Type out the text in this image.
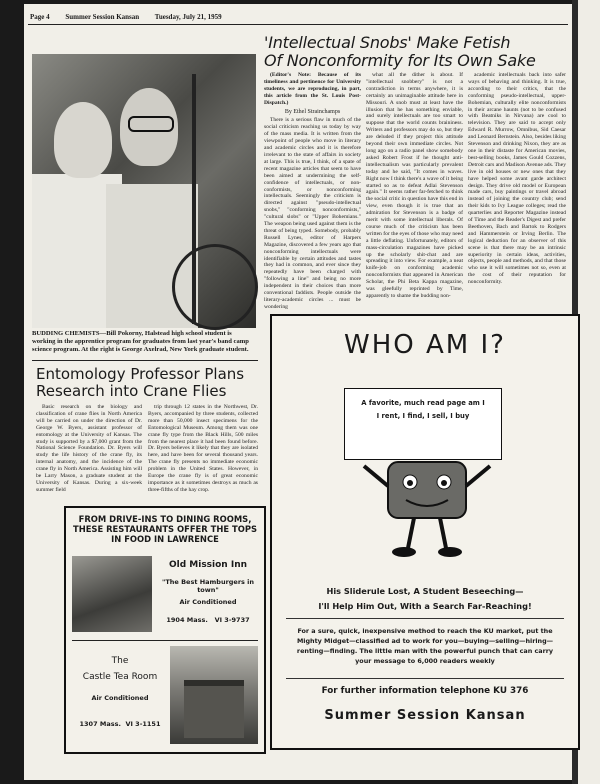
Page 4 Summer Session Kansan Tuesday, July 21, 1959
BUDDING CHEMISTS—Bill Pokorny, Halstead high school student is working in the apprentice program for graduates from last year's band camp science program. At the right is George Axelrad, New York graduate student.
'Intellectual Snobs' Make Fetish
Of Nonconformity for Its Own Sake

(Editor's Note: Because of its timeliness and pertinence for University students, we are reproducing, in part, this article from the St. Louis Post-Dispatch.)

By Ethel Strainchamps

There is a serious flaw in much of the social criticism reaching us today by way of the mass media. It is written from the viewpoint of people who move in literary and academic circles and it is therefore irrelevant to the state of affairs in society at large. This is true, I think, of a spate of recent magazine articles that seem to have been aimed at undermining the self-confidence of intellectuals, or non-conformists, or nonconforming intellectuals. Seemingly the criticism is directed against "pseudo-intellectual snobs," "conforming nonconformists," "cultural slobs" or "Upper Bohemians." The weapon being used against them is the threat of being typed. Somebody, probably Russell Lynes, editor of Harpers Magazine, discovered a few years ago that nonconforming intellectuals were identifiable by certain attitudes and tastes they had in common, and ever since they repeatedly have been charged with "following a line" and being no more independent in their choices than more conventional faddists. People outside the literary-academic circles ... must be wondering

what all the dither is about. If "intellectual snobbery" is not a contradiction in terms anywhere, it is certainly an unimaginable attitude here in Missouri. A snob must at least have the illusion that he has something enviable, and surely intellectuals are too smart to suppose that the world counts braininess. Writers and professors may do so, but they are deluded if they project this attitude beyond their own immediate circles. Not long ago on a radio panel show somebody asked Robert Frost if he thought anti-intellectualism was particularly prevalent today and he said, "It comes in waves. Right now I think there's a wave of it being started so as to defeat Adlai Stevenson again." It seems rather far-fetched to think the social critic in question have this end in view, even though it is true that an admiration for Stevenson is a badge of merit with some intellectual liberals. Of course much of the criticism has been written for the eyes of those who may need a little deflating. Unfortunately, editors of mass-circulation magazines have picked up the scholarly shit-chat and are spreading it into view. For example, a neat knife-job on conforming academic nonconformists that appeared in American Scholar, the Phi Beta Kappa magazine, was gleefully reprinted by Time, apparently to shame the budding non-

academic intellectuals back into safer ways of behaving and thinking. It is true, according to their critics, that the conforming pseudo-intellectual, upper-Bohemian, culturally elite nonconformists in their arcane haunts (not to be confused with Beatniks in Nirvana) are cool to television. They are said to accept only Edward R. Murrow, Omnibus, Sid Caesar and Leonard Bernstein. Also, besides liking Stevenson and drinking Nixon, they are as one in their distaste for American movies, best-selling books, James Gould Cozzens, Detroit cars and Madison Avenue ads. They live in old houses or new ones that they have helped some avant garde architect design. They drive old model or European made cars, buy paintings or travel abroad instead of joining the country club; send their kids to Ivy League colleges; read the quarterlies and Reporter Magazine instead of Time and the Reader's Digest and prefer Beethoven, Bach and Bartok to Rodgers and Hammerstein or Irving Berlin. The logical deduction for an observer of this scene is that there may be an intrinsic superiority in certain ideas, activities, objects, people and methods, and that those who use it will sometimes not so, even at the cost of their reputation for nonconformity.

Entomology Professor Plans
Research into Crane Flies

Basic research on the biology and classification of crane flies in North America will be carried on under the direction of Dr. George W. Byers, assistant professor of entomology at the University of Kansas. The study is supported by a $7,000 grant from the National Science Foundation. Dr. Byers will study the life history of the crane fly, its internal anatomy, and the incidence of the crane fly in North America. Assisting him will be Larry Mason, a graduate student at the University of Kansas. During a six-week summer field

trip through 12 states in the Northwest, Dr. Byers, accompanied by three students, collected more than 50,000 insect specimens for the Entomological Museum. Among them was one crane fly type from the Black Hills, 500 miles from the nearest place it had been found before. Dr. Byers believes it likely that they are isolated here, and have been for several thousand years. The crane fly presents no immediate economic problem in the United States. However, in Europe the crane fly is of great economic importance as it sometimes destroys as much as three-fifths of the hay crop.

FROM DRIVE-INS TO DINING ROOMS, THESE RESTAURANTS OFFER THE TOPS IN FOOD IN LAWRENCE
Old Mission Inn
"The Best Hamburgers in town"
Air Conditioned
1904 Mass. VI 3-9737
The
Castle Tea Room
Air Conditioned
1307 Mass. VI 3-1151
WHO AM I?
A favorite, much read page am I
I rent, I find, I sell, I buy
His Sliderule Lost, A Student Beseeching—
I'll Help Him Out, With a Search Far-Reaching!
For a sure, quick, inexpensive method to reach the KU market, put the Mighty Midget—classified ad to work for you—buying—selling—hiring—renting—finding. The little man with the powerful punch that can carry your message to 6,000 readers weekly
For further information telephone KU 376
Summer Session Kansan
